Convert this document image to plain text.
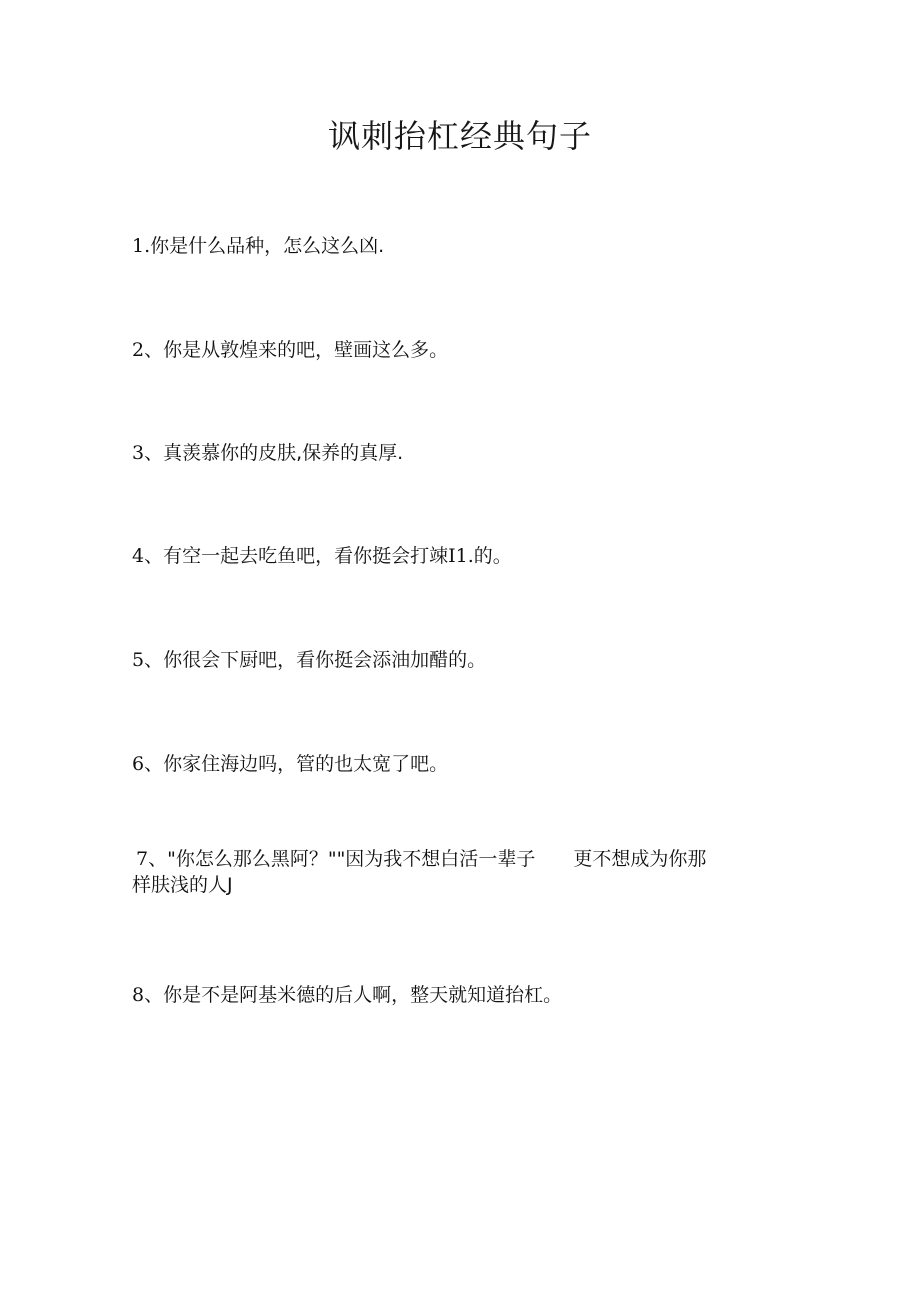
讽刺抬杠经典句子
1.你是什么品种，怎么这么凶.
2、你是从敦煌来的吧，壁画这么多。
3、真羡慕你的皮肤,保养的真厚.
4、有空一起去吃鱼吧，看你挺会打竦I1.的。
5、你很会下厨吧，看你挺会添油加醋的。
6、你家住海边吗，管的也太宽了吧。
7、"你怎么那么黑阿？""因为我不想白活一辈子 更不想成为你那
样肤浅的人J
8、你是不是阿基米德的后人啊，整天就知道抬杠。
